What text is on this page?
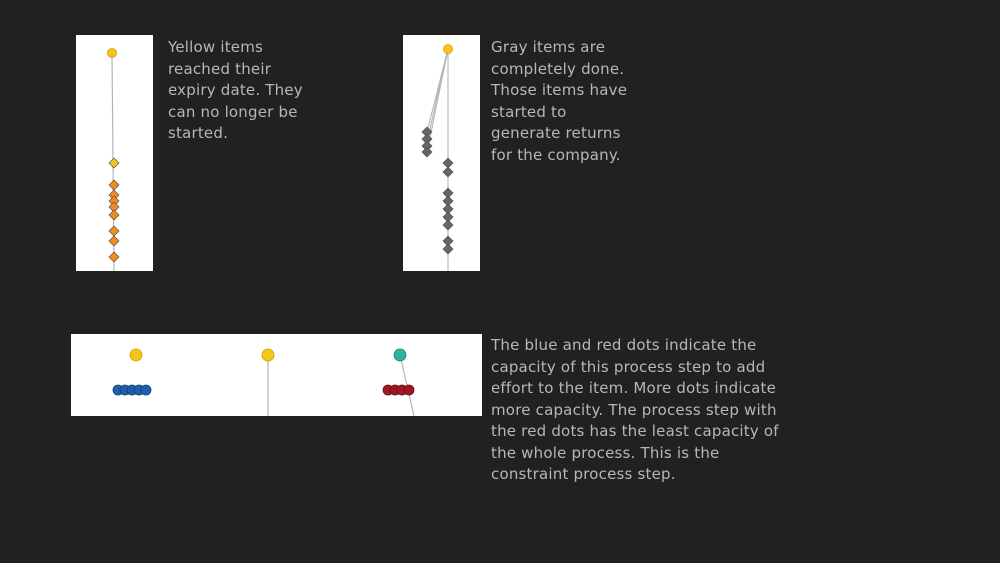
Yellow items reached their expiry date. They can no longer be started.

Gray items are completely done. Those items have started to generate returns for the company.

The blue and red dots indicate the capacity of this process step to add effort to the item. More dots indicate more capacity. The process step with the red dots has the least capacity of the whole process. This is the constraint process step.
